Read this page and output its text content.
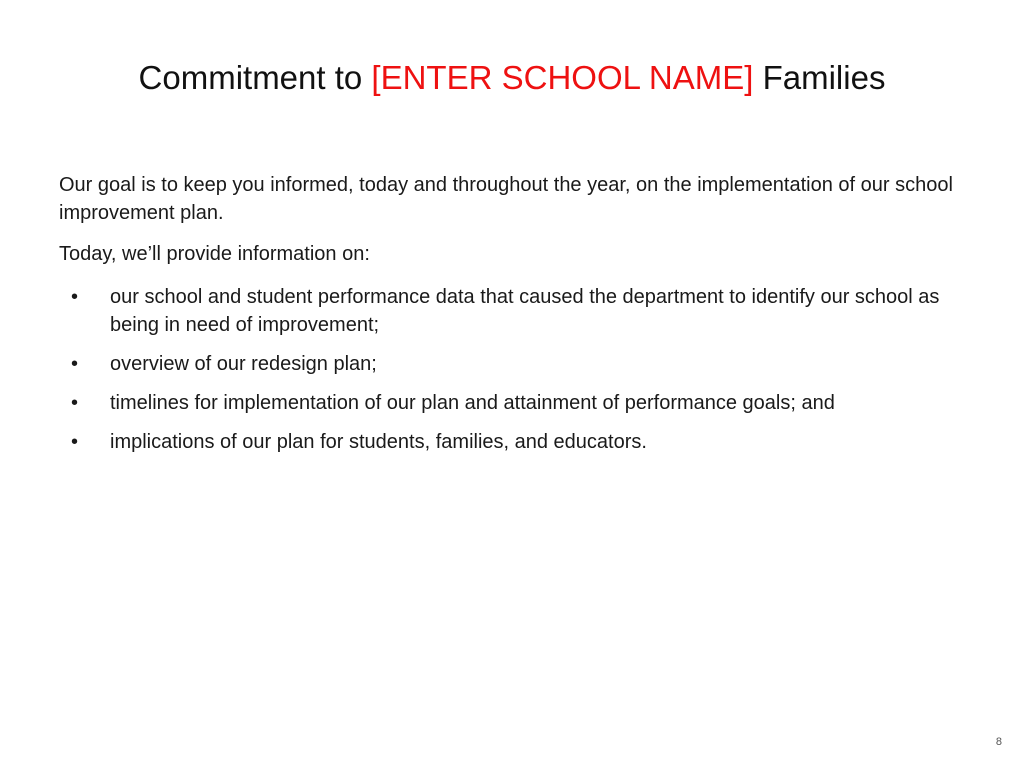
Commitment to [ENTER SCHOOL NAME] Families

Our goal is to keep you informed, today and throughout the year, on the implementation of our school improvement plan.

Today, we’ll provide information on:

• our school and student performance data that caused the department to identify our school as being in need of improvement;
• overview of our redesign plan;
• timelines for implementation of our plan and attainment of performance goals; and
• implications of our plan for students, families, and educators.
8
